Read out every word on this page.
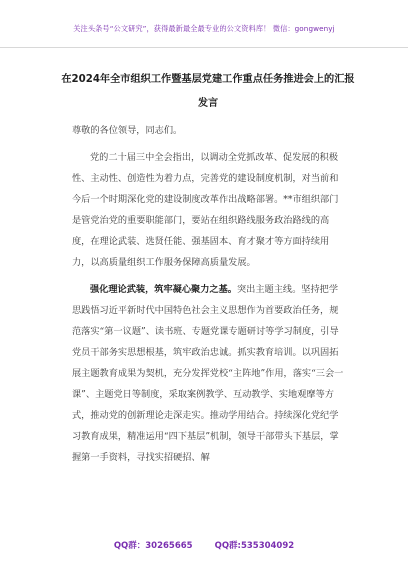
关注头条号“公文研究”，获得最新最全最专业的公文资料库！ 微信：gongwenyj
在2024年全市组织工作暨基层党建工作重点任务推进会上的汇报发言

尊敬的各位领导，同志们。

党的二十届三中全会指出，以调动全党抓改革、促发展的积极性、主动性、创造性为着力点，完善党的建设制度机制，对当前和今后一个时期深化党的建设制度改革作出战略部署。**市组织部门是管党治党的重要职能部门，要站在组织路线服务政治路线的高度，在理论武装、选贤任能、强基固本、育才聚才等方面持续用力，以高质量组织工作服务保障高质量发展。

强化理论武装，筑牢凝心聚力之基。突出主题主线。坚持把学思践悟习近平新时代中国特色社会主义思想作为首要政治任务，规范落实“第一议题”、读书班、专题党课专题研讨等学习制度，引导党员干部务实思想根基，筑牢政治忠诚。抓实教育培训。以巩固拓展主题教育成果为契机，充分发挥党校“主阵地”作用，落实“三会一课”、主题党日等制度，采取案例教学、互动教学、实地观摩等方式，推动党的创新理论走深走实。推动学用结合。持续深化党纪学习教育成果，精准运用“四下基层”机制，领导干部带头下基层，掌握第一手资料，寻找实招硬招、解

QQ群：30265665	QQ群:535304092
